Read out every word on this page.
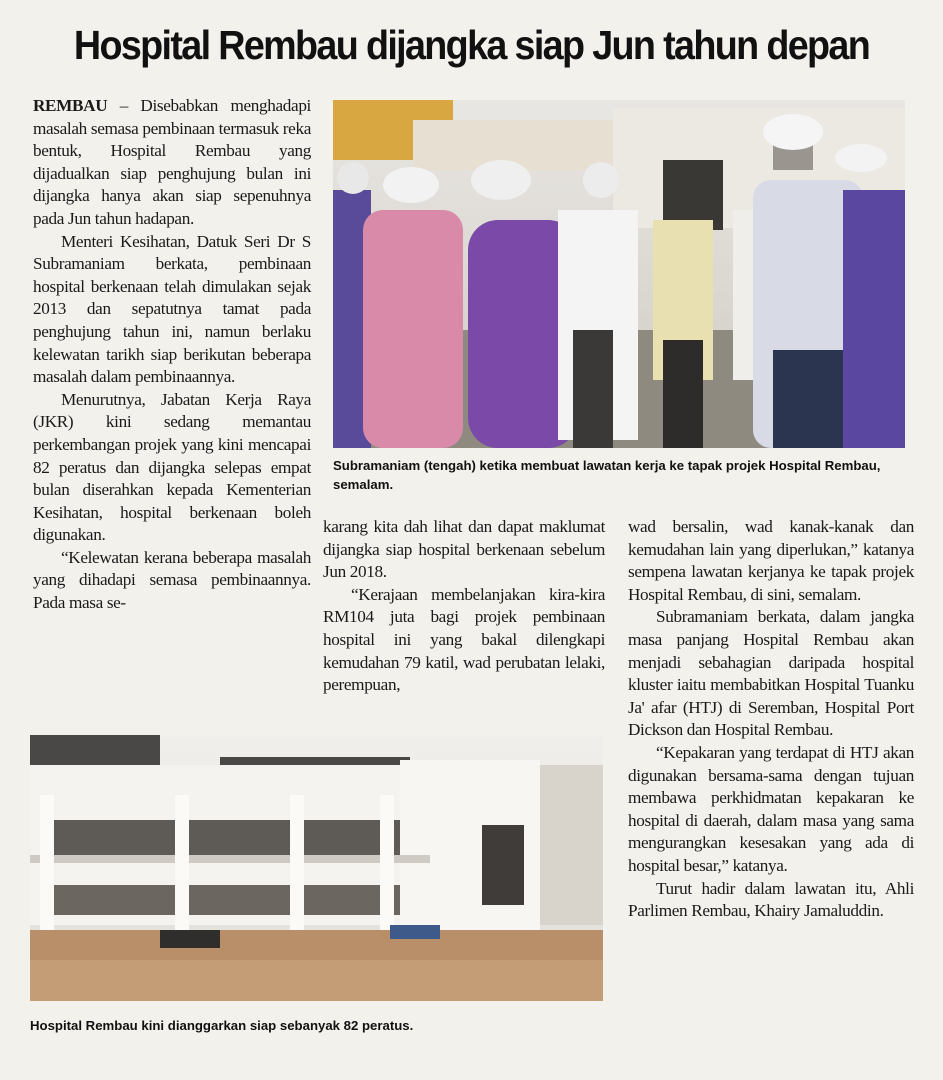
Hospital Rembau dijangka siap Jun tahun depan

REMBAU – Disebabkan menghadapi masalah semasa pembinaan termasuk reka bentuk, Hospital Rembau yang dijadualkan siap penghujung bulan ini dijangka hanya akan siap sepenuhnya pada Jun tahun hadapan.

Menteri Kesihatan, Datuk Seri Dr S Subramaniam berkata, pembinaan hospital berkenaan telah dimulakan sejak 2013 dan sepatutnya tamat pada penghujung tahun ini, namun berlaku kelewatan tarikh siap berikutan beberapa masalah dalam pembinaannya.

Menurutnya, Jabatan Kerja Raya (JKR) kini sedang memantau perkembangan projek yang kini mencapai 82 peratus dan dijangka selepas empat bulan diserahkan kepada Kementerian Kesihatan, hospital berkenaan boleh digunakan.

“Kelewatan kerana beberapa masalah yang dihadapi semasa pembinaannya. Pada masa se-

Subramaniam (tengah) ketika membuat lawatan kerja ke tapak projek Hospital Rembau, semalam.

karang kita dah lihat dan dapat maklumat dijangka siap hospital berkenaan sebelum Jun 2018.

“Kerajaan membelanjakan kira-kira RM104 juta bagi projek pembinaan hospital ini yang bakal dilengkapi kemudahan 79 katil, wad perubatan lelaki, perempuan,

wad bersalin, wad kanak-kanak dan kemudahan lain yang diperlukan,” katanya sempena lawatan kerjanya ke tapak projek Hospital Rembau, di sini, semalam.

Subramaniam berkata, dalam jangka masa panjang Hospital Rembau akan menjadi sebahagian daripada hospital kluster iaitu membabitkan Hospital Tuanku Ja' afar (HTJ) di Seremban, Hospital Port Dickson dan Hospital Rembau.

“Kepakaran yang terdapat di HTJ akan digunakan bersama-sama dengan tujuan membawa perkhidmatan kepakaran ke hospital di daerah, dalam masa yang sama mengurangkan kesesakan yang ada di hospital besar,” katanya.

Turut hadir dalam lawatan itu, Ahli Parlimen Rembau, Khairy Jamaluddin.

Hospital Rembau kini dianggarkan siap sebanyak 82 peratus.
